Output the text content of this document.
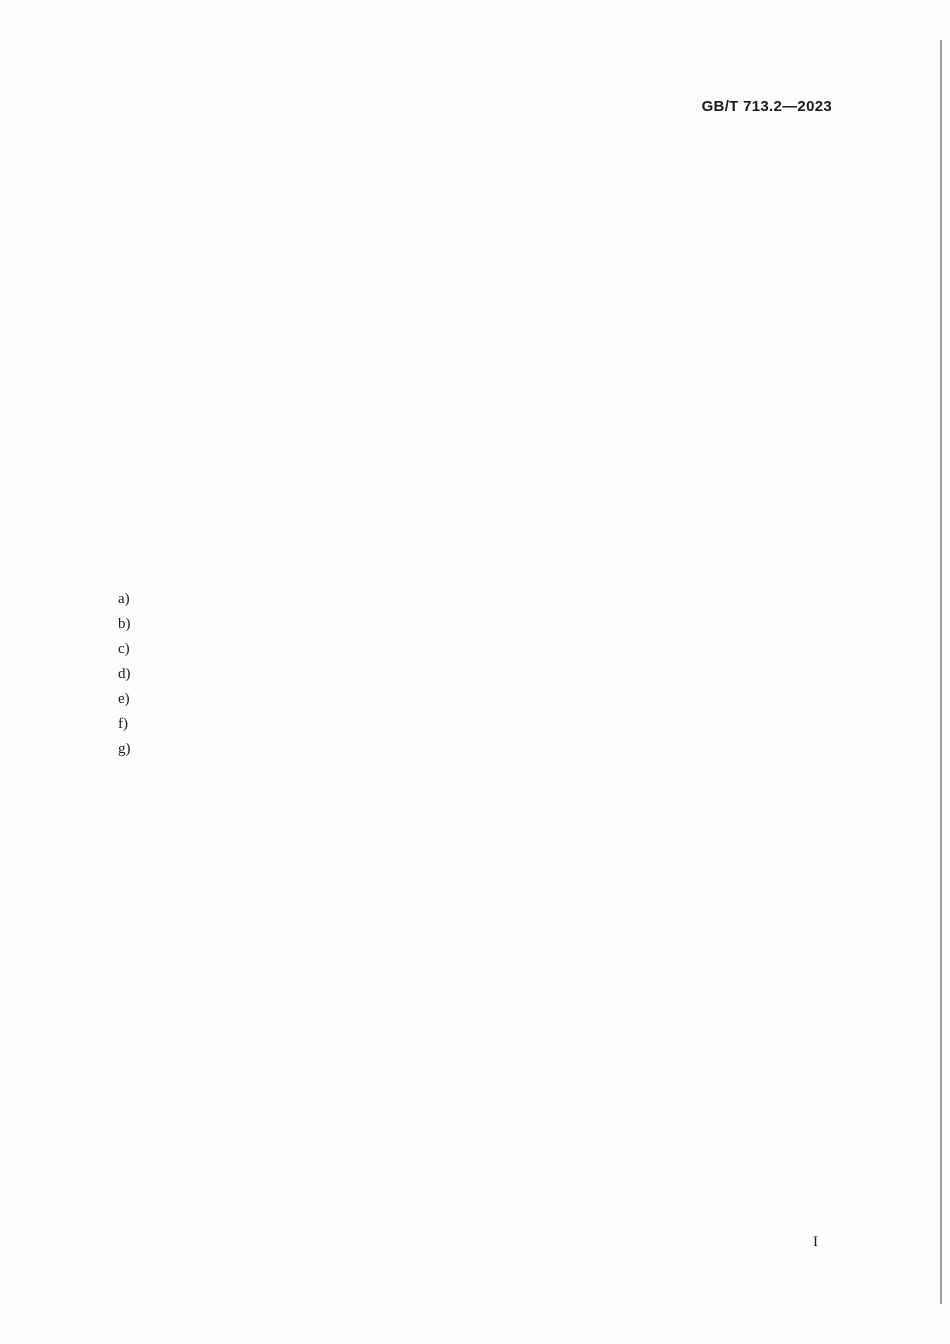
GB/T 713.2—2023

a)
b)
c)
d)
e)
f)
g)

I
